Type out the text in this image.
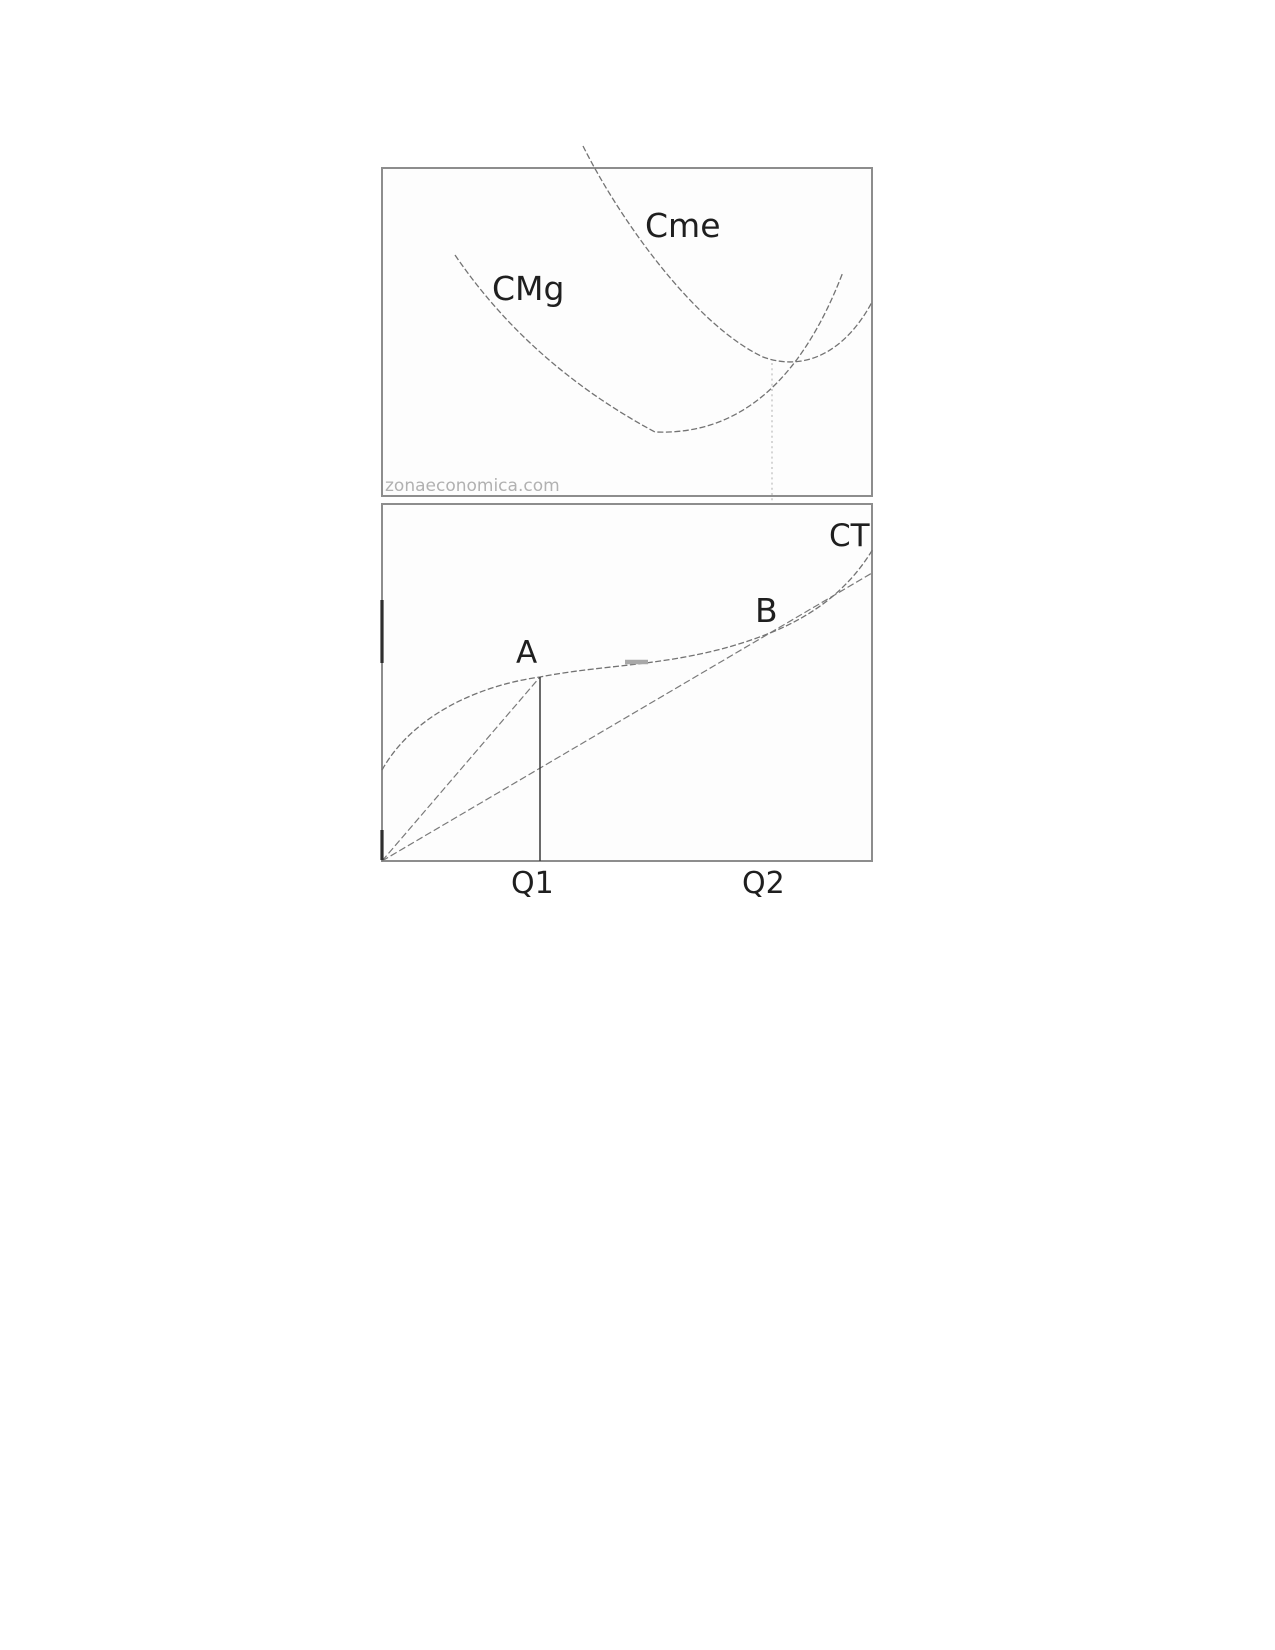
CMg
Cme
zonaeconomica.com
CT
A
B
Q1	Q2
